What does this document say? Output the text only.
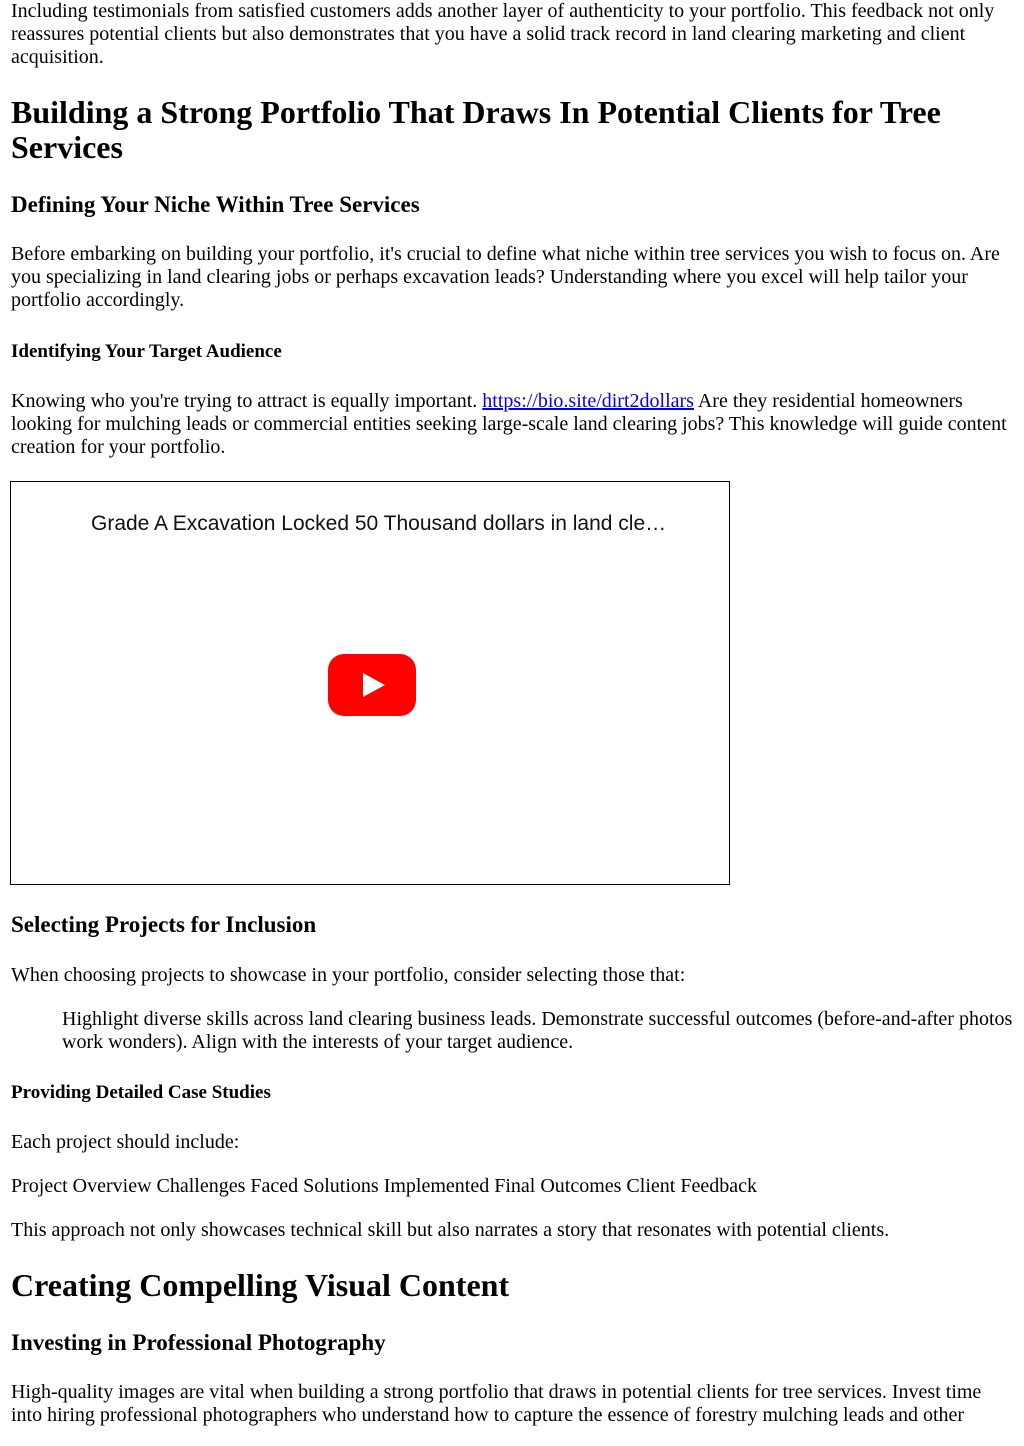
Including testimonials from satisfied customers adds another layer of authenticity to your portfolio. This feedback not only reassures potential clients but also demonstrates that you have a solid track record in land clearing marketing and client acquisition.

Building a Strong Portfolio That Draws In Potential Clients for Tree Services
Defining Your Niche Within Tree Services

Before embarking on building your portfolio, it's crucial to define what niche within tree services you wish to focus on. Are you specializing in land clearing jobs or perhaps excavation leads? Understanding where you excel will help tailor your portfolio accordingly.

Identifying Your Target Audience

Knowing who you're trying to attract is equally important. https://bio.site/dirt2dollars Are they residential homeowners looking for mulching leads or commercial entities seeking large-scale land clearing jobs? This knowledge will guide content creation for your portfolio.

Grade A Excavation Locked 50 Thousand dollars in land cle…
Selecting Projects for Inclusion

When choosing projects to showcase in your portfolio, consider selecting those that:

Highlight diverse skills across land clearing business leads. Demonstrate successful outcomes (before-and-after photos work wonders). Align with the interests of your target audience.

Providing Detailed Case Studies

Each project should include:

Project Overview Challenges Faced Solutions Implemented Final Outcomes Client Feedback

This approach not only showcases technical skill but also narrates a story that resonates with potential clients.

Creating Compelling Visual Content
Investing in Professional Photography

High-quality images are vital when building a strong portfolio that draws in potential clients for tree services. Invest time into hiring professional photographers who understand how to capture the essence of forestry mulching leads and other
